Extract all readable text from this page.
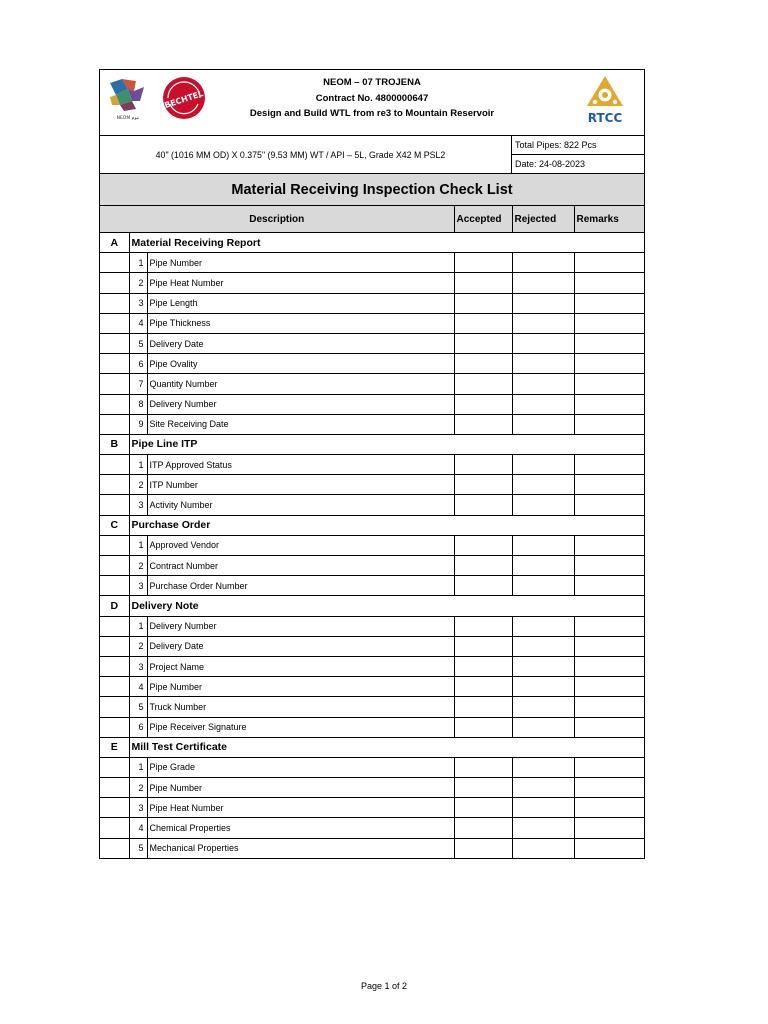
NEOM ﻧﻴﻮﻡ
BECHTEL
NEOM – 07 TROJENA
Contract No. 4800000647
Design and Build WTL from re3 to Mountain Reservoir	RTCC
40" (1016 MM OD) X 0.375" (9.53 MM) WT / API – 5L, Grade X42 M PSL2
Total Pipes: 822 Pcs
Date: 24-08-2023
Material Receiving Inspection Check List
Description			Accepted	Rejected	Remarks
A	Material Receiving Report				
	1	Pipe Number			
	2	Pipe Heat Number			
	3	Pipe Length			
	4	Pipe Thickness			
	5	Delivery Date			
	6	Pipe Ovality			
	7	Quantity Number			
	8	Delivery Number			
	9	Site Receiving Date			
B	Pipe Line ITP				
	1	ITP Approved Status			
	2	ITP Number			
	3	Activity Number			
C	Purchase Order				
	1	Approved Vendor			
	2	Contract Number			
	3	Purchase Order Number			
D	Delivery Note				
	1	Delivery Number			
	2	Delivery Date			
	3	Project Name			
	4	Pipe Number			
	5	Truck Number			
	6	Pipe Receiver Signature			
E	Mill Test Certificate				
	1	Pipe Grade			
	2	Pipe Number			
	3	Pipe Heat Number			
	4	Chemical Properties			
	5	Mechanical Properties			
Page 1 of 2
